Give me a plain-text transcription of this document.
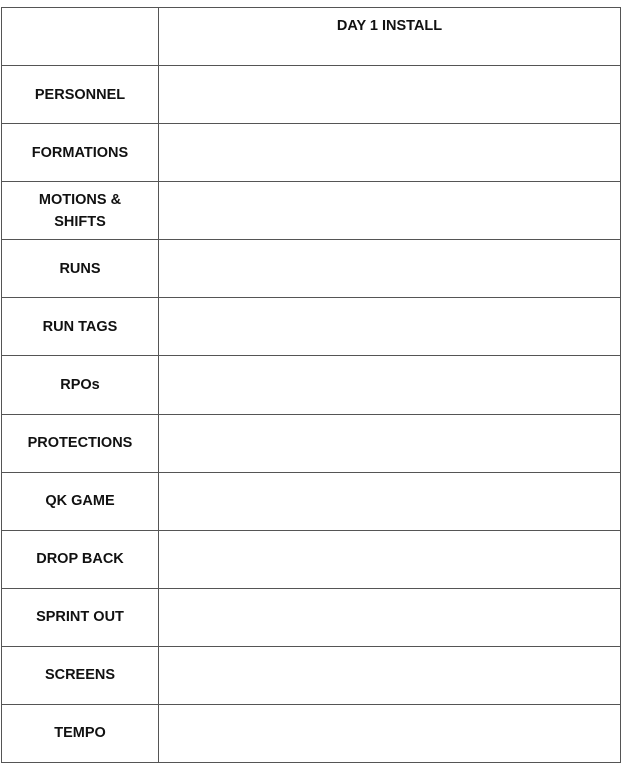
	DAY 1 INSTALL
PERSONNEL	
FORMATIONS	
MOTIONS & SHIFTS	
RUNS	
RUN TAGS	
RPOs	
PROTECTIONS	
QK GAME	
DROP BACK	
SPRINT OUT	
SCREENS	
TEMPO	
